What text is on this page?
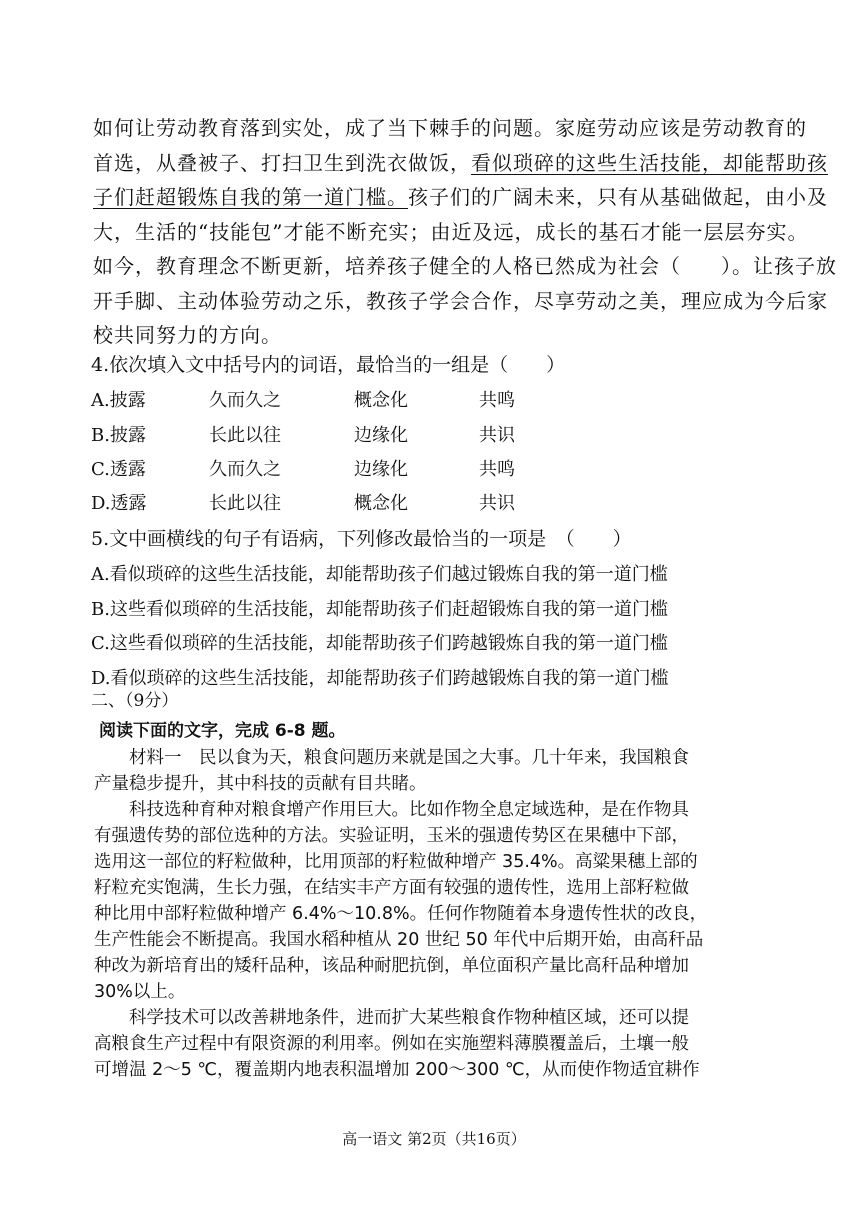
如何让劳动教育落到实处，成了当下棘手的问题。家庭劳动应该是劳动教育的

首选，从叠被子、打扫卫生到洗衣做饭，看似琐碎的这些生活技能，却能帮助孩

子们赶超锻炼自我的第一道门槛。孩子们的广阔未来，只有从基础做起，由小及

大，生活的“技能包”才能不断充实；由近及远，成长的基石才能一层层夯实。

如今，教育理念不断更新，培养孩子健全的人格已然成为社会（ ）。让孩子放

开手脚、主动体验劳动之乐，教孩子学会合作，尽享劳动之美，理应成为今后家

校共同努力的方向。

4.依次填入文中括号内的词语，最恰当的一组是（　　）
A.披露	久而久之	概念化	共鸣
B.披露	长此以往	边缘化	共识
C.透露	久而久之	边缘化	共鸣
D.透露	长此以往	概念化	共识
5.文中画横线的句子有语病，下列修改最恰当的一项是　（　　）
A.看似琐碎的这些生活技能，却能帮助孩子们越过锻炼自我的第一道门槛
B.这些看似琐碎的生活技能，却能帮助孩子们赶超锻炼自我的第一道门槛
C.这些看似琐碎的生活技能，却能帮助孩子们跨越锻炼自我的第一道门槛
D.看似琐碎的这些生活技能，却能帮助孩子们跨越锻炼自我的第一道门槛
二、（9分）
阅读下面的文字，完成 6-8 题。

　　材料一　民以食为天，粮食问题历来就是国之大事。几十年来，我国粮食

产量稳步提升，其中科技的贡献有目共睹。

　　科技选种育种对粮食增产作用巨大。比如作物全息定域选种，是在作物具

有强遗传势的部位选种的方法。实验证明，玉米的强遗传势区在果穗中下部，

选用这一部位的籽粒做种，比用顶部的籽粒做种增产 35.4%。高粱果穗上部的

籽粒充实饱满，生长力强，在结实丰产方面有较强的遗传性，选用上部籽粒做

种比用中部籽粒做种增产 6.4%～10.8%。任何作物随着本身遗传性状的改良，

生产性能会不断提高。我国水稻种植从 20 世纪 50 年代中后期开始，由高秆品

种改为新培育出的矮秆品种，该品种耐肥抗倒，单位面积产量比高秆品种增加

30%以上。

　　科学技术可以改善耕地条件，进而扩大某些粮食作物种植区域，还可以提

高粮食生产过程中有限资源的利用率。例如在实施塑料薄膜覆盖后，土壤一般

可增温 2～5 ℃，覆盖期内地表积温增加 200～300 ℃，从而使作物适宜耕作

高一语文 第2页（共16页）
